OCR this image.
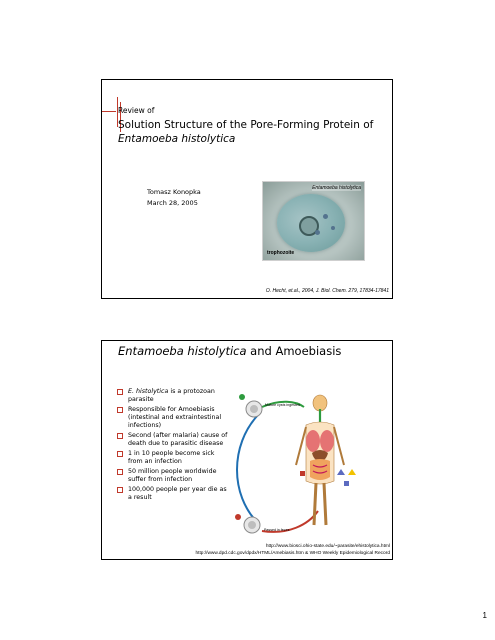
Review of
Solution Structure of the Pore-Forming Protein of Entamoeba histolytica
Tomasz Konopka
March 28, 2005
Entamoeba histolytica
trophozoite
O. Hecht, et.al., 2004, J. Biol. Chem. 279, 17834-17841
Entamoeba histolytica and Amoebiasis
E. histolytica is a protozoan parasite
Responsible for Amoebiasis (intestinal and extraintestinal infections)
Second (after malaria) cause of death due to parasitic disease
1 in 10 people become sick from an infection
50 million people worldwide suffer from infection
100,000 people per year die as a result
Mature cysts ingested
Passed in feces
http://www.biosci.ohio-state.edu/~parasite/ehistolytica.html
http://www.dpd.cdc.gov/dpdx/HTML/Amebiasis.htm & WHO Weekly Epidemiological Record
1
